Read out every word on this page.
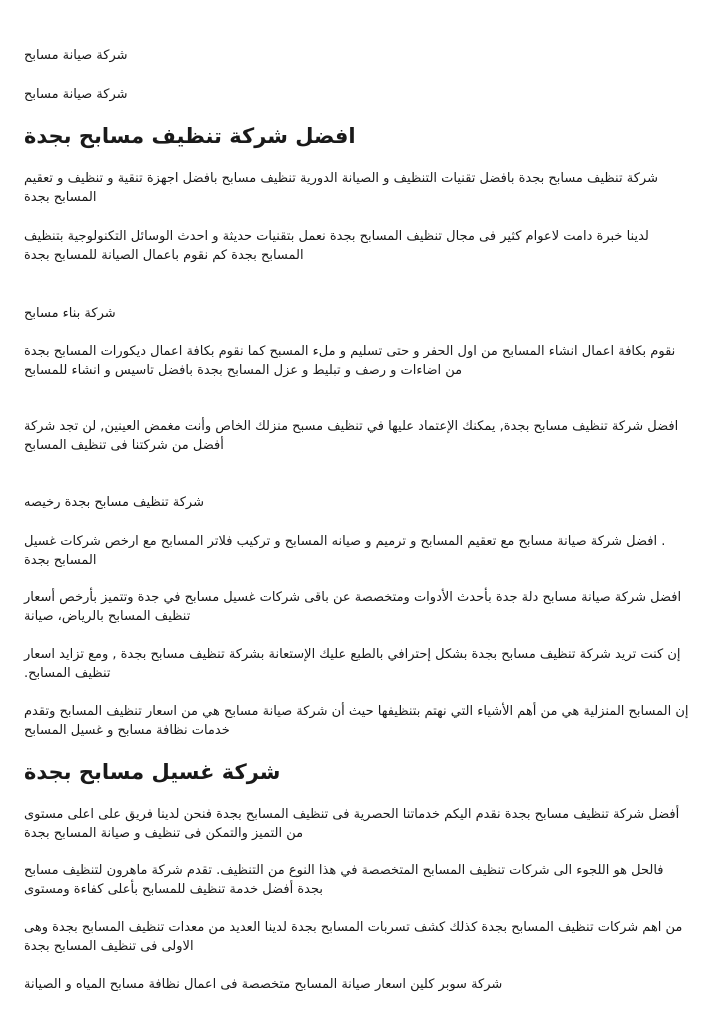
شركة صيانة مسابح

شركة صيانة مسابح

افضل شركة تنظيف مسابح بجدة

شركة تنظيف مسابح بجدة بافضل تقنيات التنظيف و الصيانة الدورية تنظيف مسابح بافضل اجهزة تنقية و تنظيف و تعقيم المسابح بجدة

لدينا خبرة دامت لاعوام كثير فى مجال تنظيف المسابح بجدة نعمل بتقنيات حديثة و احدث الوسائل التكنولوجية بتنظيف المسابح بجدة كم نقوم باعمال الصيانة للمسابح بجدة

شركة بناء مسابح

نقوم بكافة اعمال انشاء المسابح من اول الحفر و حتى تسليم و ملء المسبح كما نقوم بكافة اعمال ديكورات المسابح بجدة من اضاءات و رصف و تبليط و عزل المسابح بجدة بافضل تاسيس و انشاء للمسابح

افضل شركة تنظيف مسابح بجدة, يمكنك الإعتماد عليها في تنظيف مسبح منزلك الخاص وأنت مغمض العينين, لن تجد شركة أفضل من شركتنا فى تنظيف المسابح

شركة تنظيف مسابح بجدة رخيصه

. افضل شركة صيانة مسابح مع تعقيم المسابح و ترميم و صيانه المسابح و تركيب فلاتر المسابح مع ارخص شركات غسيل المسابح بجدة

افضل شركة صيانة مسابح دلة جدة بأحدث الأدوات ومتخصصة عن باقى شركات غسيل مسابح في جدة وتتميز بأرخص أسعار تنظيف المسابح بالرياض، صيانة

إن كنت تريد شركة تنظيف مسابح بجدة بشكل إحترافي بالطبع عليك الإستعانة بشركة تنظيف مسابح بجدة , ومع تزايد اسعار تنظيف المسابح.

إن المسابح المنزلية هي من أهم الأشياء التي نهتم بتنظيفها حيث أن شركة صيانة مسابح هي من اسعار تنظيف المسابح وتقدم خدمات نظافة مسابح و غسيل المسابح

شركة غسيل مسابح بجدة

أفضل شركة تنظيف مسابح بجدة نقدم اليكم خدماتنا الحصرية فى تنظيف المسابح بجدة فنحن لدينا فريق على اعلى مستوى من التميز والتمكن فى تنظيف و صيانة المسابح بجدة

فالحل هو اللجوء الى شركات تنظيف المسابح المتخصصة في هذا النوع من التنظيف. تقدم شركة ماهرون لتنظيف مسابح بجدة أفضل خدمة تنظيف للمسابح بأعلى كفاءة ومستوى

من اهم شركات تنظيف المسابح بجدة كذلك كشف تسربات المسابح بجدة لدينا العديد من معدات تنظيف المسابح بجدة وهى الاولى فى تنظيف المسابح بجدة

شركة سوبر كلين اسعار صيانة المسابح متخصصة فى اعمال نظافة مسابح المياه و الصيانة
